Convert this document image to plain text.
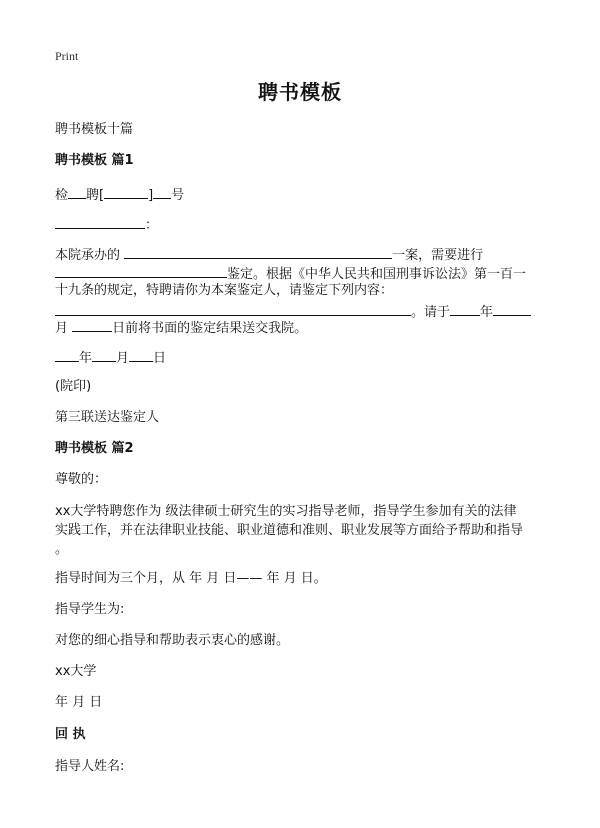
Print
聘书模板
聘书模板十篇
聘书模板 篇1
检 聘[	] 号
：
本院承办的	一案，需要进行
鉴定。根据《中华人民共和国刑事诉讼法》第一百一
十九条的规定，特聘请你为本案鉴定人，请鉴定下列内容：
。请于 年
月	日前将书面的鉴定结果送交我院。
年 月 日
(院印)
第三联送达鉴定人
聘书模板 篇2
尊敬的：
xx大学特聘您作为 级法律硕士研究生的实习指导老师，指导学生参加有关的法律
实践工作，并在法律职业技能、职业道德和准则、职业发展等方面给予帮助和指导
。
指导时间为三个月，从 年 月 日—— 年 月 日。
指导学生为:
对您的细心指导和帮助表示衷心的感谢。
xx大学
年 月 日
回 执
指导人姓名:
